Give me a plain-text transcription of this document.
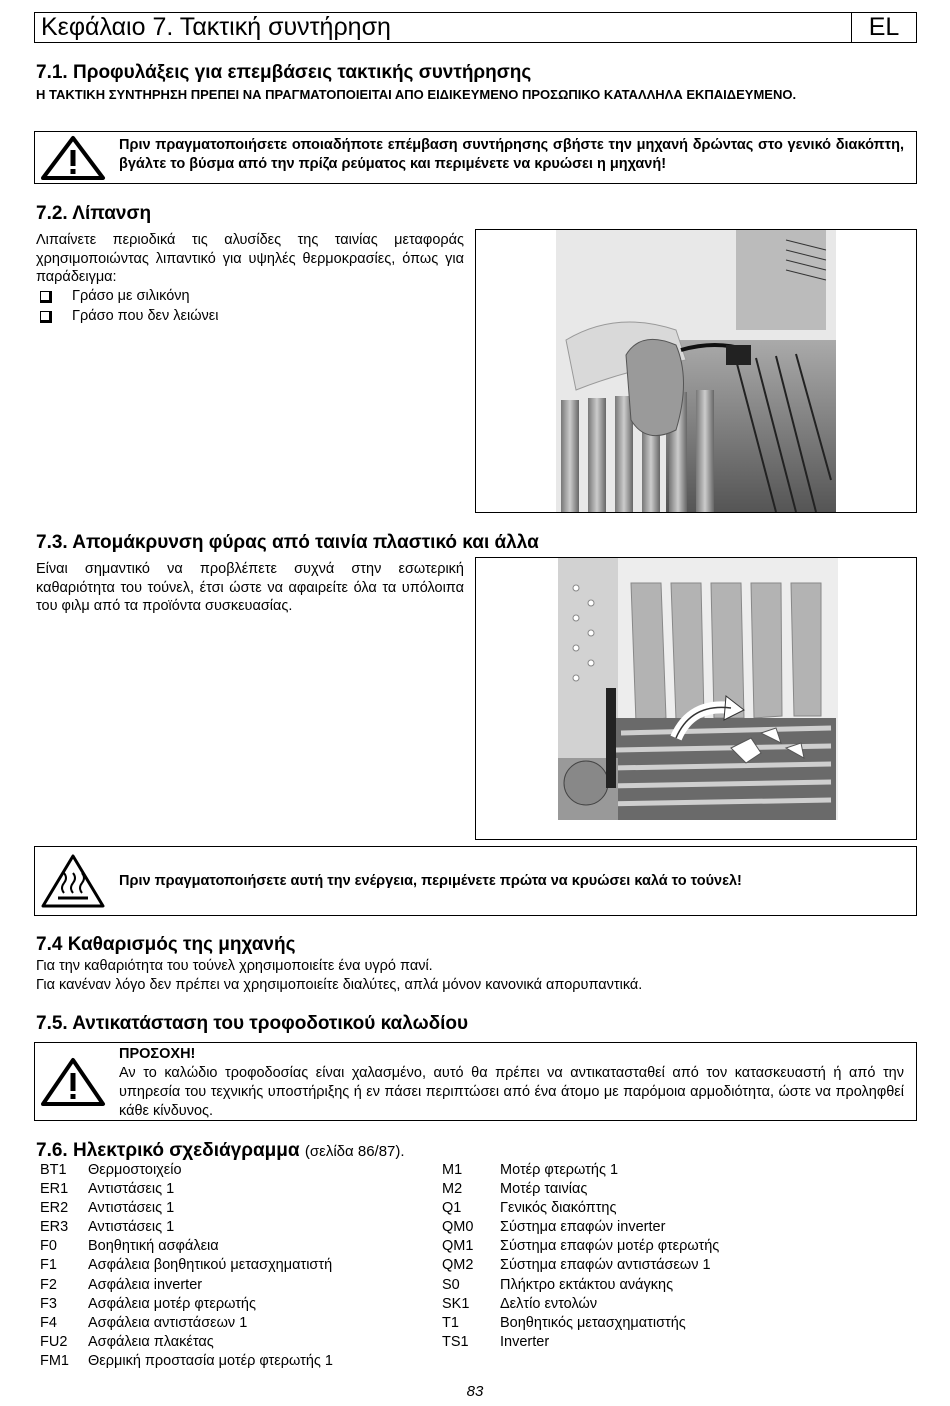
Κεφάλαιο 7. Τακτική συντήρηση	EL
7.1. Προφυλάξεις για επεμβάσεις τακτικής συντήρησης
Η ΤΑΚΤΙΚΗ ΣΥΝΤΗΡΗΣΗ ΠΡΕΠΕΙ ΝΑ ΠΡΑΓΜΑΤΟΠΟΙΕΙΤΑΙ ΑΠΟ ΕΙΔΙΚΕΥΜΕΝΟ ΠΡΟΣΩΠΙΚΟ ΚΑΤΑΛΛΗΛΑ ΕΚΠΑΙΔΕΥΜΕΝΟ.
Πριν πραγματοποιήσετε οποιαδήποτε επέμβαση συντήρησης σβήστε την μηχανή δρώντας στο γενικό διακόπτη, βγάλτε το βύσμα από την πρίζα ρεύματος και περιμένετε να κρυώσει η μηχανή!
7.2. Λίπανση
Λιπαίνετε περιοδικά τις αλυσίδες της ταινίας μεταφοράς χρησιμοποιώντας λιπαντικό για υψηλές θερμοκρασίες, όπως για παράδειγμα:
Γράσο με σιλικόνη
Γράσο που δεν λειώνει
7.3. Απομάκρυνση φύρας από ταινία πλαστικό και άλλα
Είναι σημαντικό να προβλέπετε συχνά στην εσωτερική καθαριότητα του τούνελ, έτσι ώστε να αφαιρείτε όλα τα υπόλοιπα του φιλμ από τα προϊόντα συσκευασίας.
Πριν πραγματοποιήσετε αυτή την ενέργεια, περιμένετε πρώτα να κρυώσει καλά το τούνελ!
7.4 Καθαρισμός της μηχανής
Για την καθαριότητα του τούνελ χρησιμοποιείτε ένα υγρό πανί.
Για κανέναν λόγο δεν πρέπει να χρησιμοποιείτε διαλύτες, απλά μόνον κανονικά απορυπαντικά.
7.5. Αντικατάσταση του τροφοδοτικού καλωδίου
ΠΡΟΣΟΧΗ!
Αν το καλώδιο τροφοδοσίας είναι χαλασμένο, αυτό θα πρέπει να αντικατασταθεί από τον κατασκευαστή ή από την υπηρεσία του τεχνικής υποστήριξης ή εν πάσει περιπτώσει από ένα άτομο με παρόμοια αρμοδιότητα, ώστε να προληφθεί κάθε κίνδυνος.
7.6. Ηλεκτρικό σχεδιάγραμμα (σελίδα 86/87).
BT1	Θερμοστοιχείο
ER1	Αντιστάσεις 1
ER2	Αντιστάσεις 1
ER3	Αντιστάσεις 1
F0	Βοηθητική ασφάλεια
F1	Ασφάλεια βοηθητικού μετασχηματιστή
F2	Ασφάλεια inverter
F3	Ασφάλεια μοτέρ φτερωτής
F4	Ασφάλεια αντιστάσεων 1
FU2	Ασφάλεια πλακέτας
FM1	Θερμική προστασία μοτέρ φτερωτής 1
M1	Μοτέρ φτερωτής 1
M2	Μοτέρ ταινίας
Q1	Γενικός διακόπτης
QM0	Σύστημα επαφών inverter
QM1	Σύστημα επαφών μοτέρ φτερωτής
QM2	Σύστημα επαφών αντιστάσεων 1
S0	Πλήκτρο εκτάκτου ανάγκης
SK1	Δελτίο εντολών
T1	Βοηθητικός μετασχηματιστής
TS1	Inverter
83
